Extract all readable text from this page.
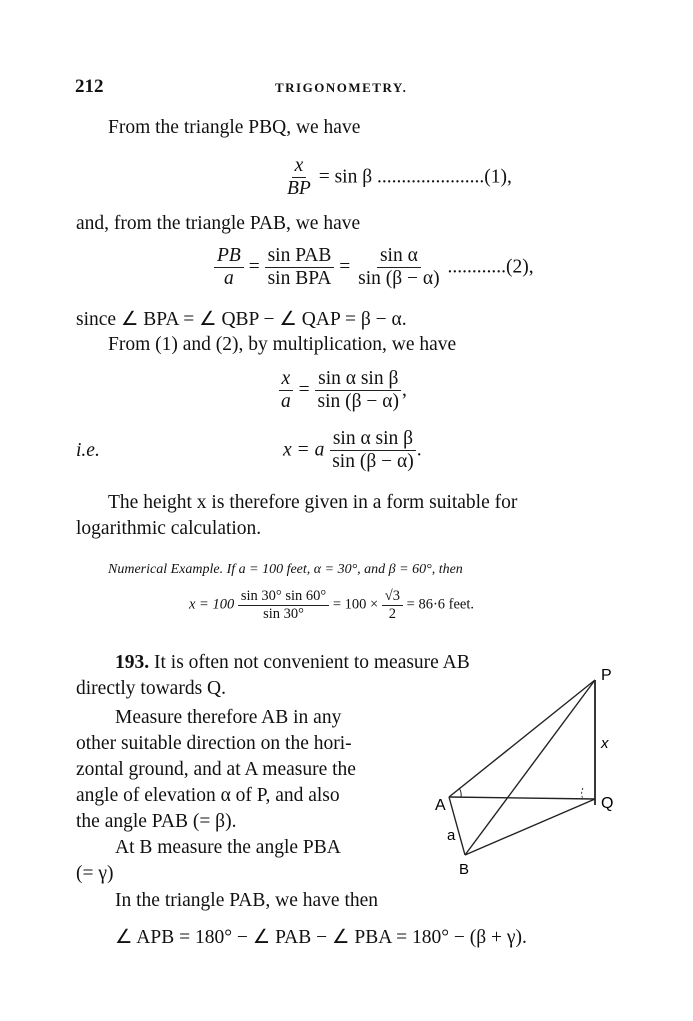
212	TRIGONOMETRY.
From the triangle PBQ, we have
$\frac{x}{BP} = \sin \beta$ ......................(1),
and, from the triangle PAB, we have
$\frac{PB}{a} = \frac{\text{sin PAB}}{\text{sin BPA}} = \frac{\text{sin α}}{\sin (\beta - \alpha)} ............(2)$,
since ∠ BPA = ∠ QBP − ∠ QAP = β − α.
From (1) and (2), by multiplication, we have
$\frac{x}{a} = \frac{\text{sin α sin β}}{\sin (\beta - \alpha)}$ ,
i.e.	x = a $\frac{\text{sin α sin β}}{\sin (\beta - \alpha)}$ .
The height x is therefore given in a form suitable for
logarithmic calculation.
Numerical Example. If a = 100 feet, α = 30°, and β = 60°, then
$x = 100 \frac{\sin 30^\circ \sin 60^\circ}{\sin 30^\circ} = 100 \times \frac{√3}{2} = 86\cdot 6$ feet.
193. It is often not convenient to measure AB
directly towards Q.
Measure therefore AB in any
other suitable direction on the hori-
zontal ground, and at A measure the
angle of elevation α of P, and also
the angle PAB (= β).
At B measure the angle PBA
(= γ)
In the triangle PAB, we have then
∠ APB = 180° − ∠ PAB − ∠ PBA = 180° − (β + γ).
P
Q
A
B
a
x
